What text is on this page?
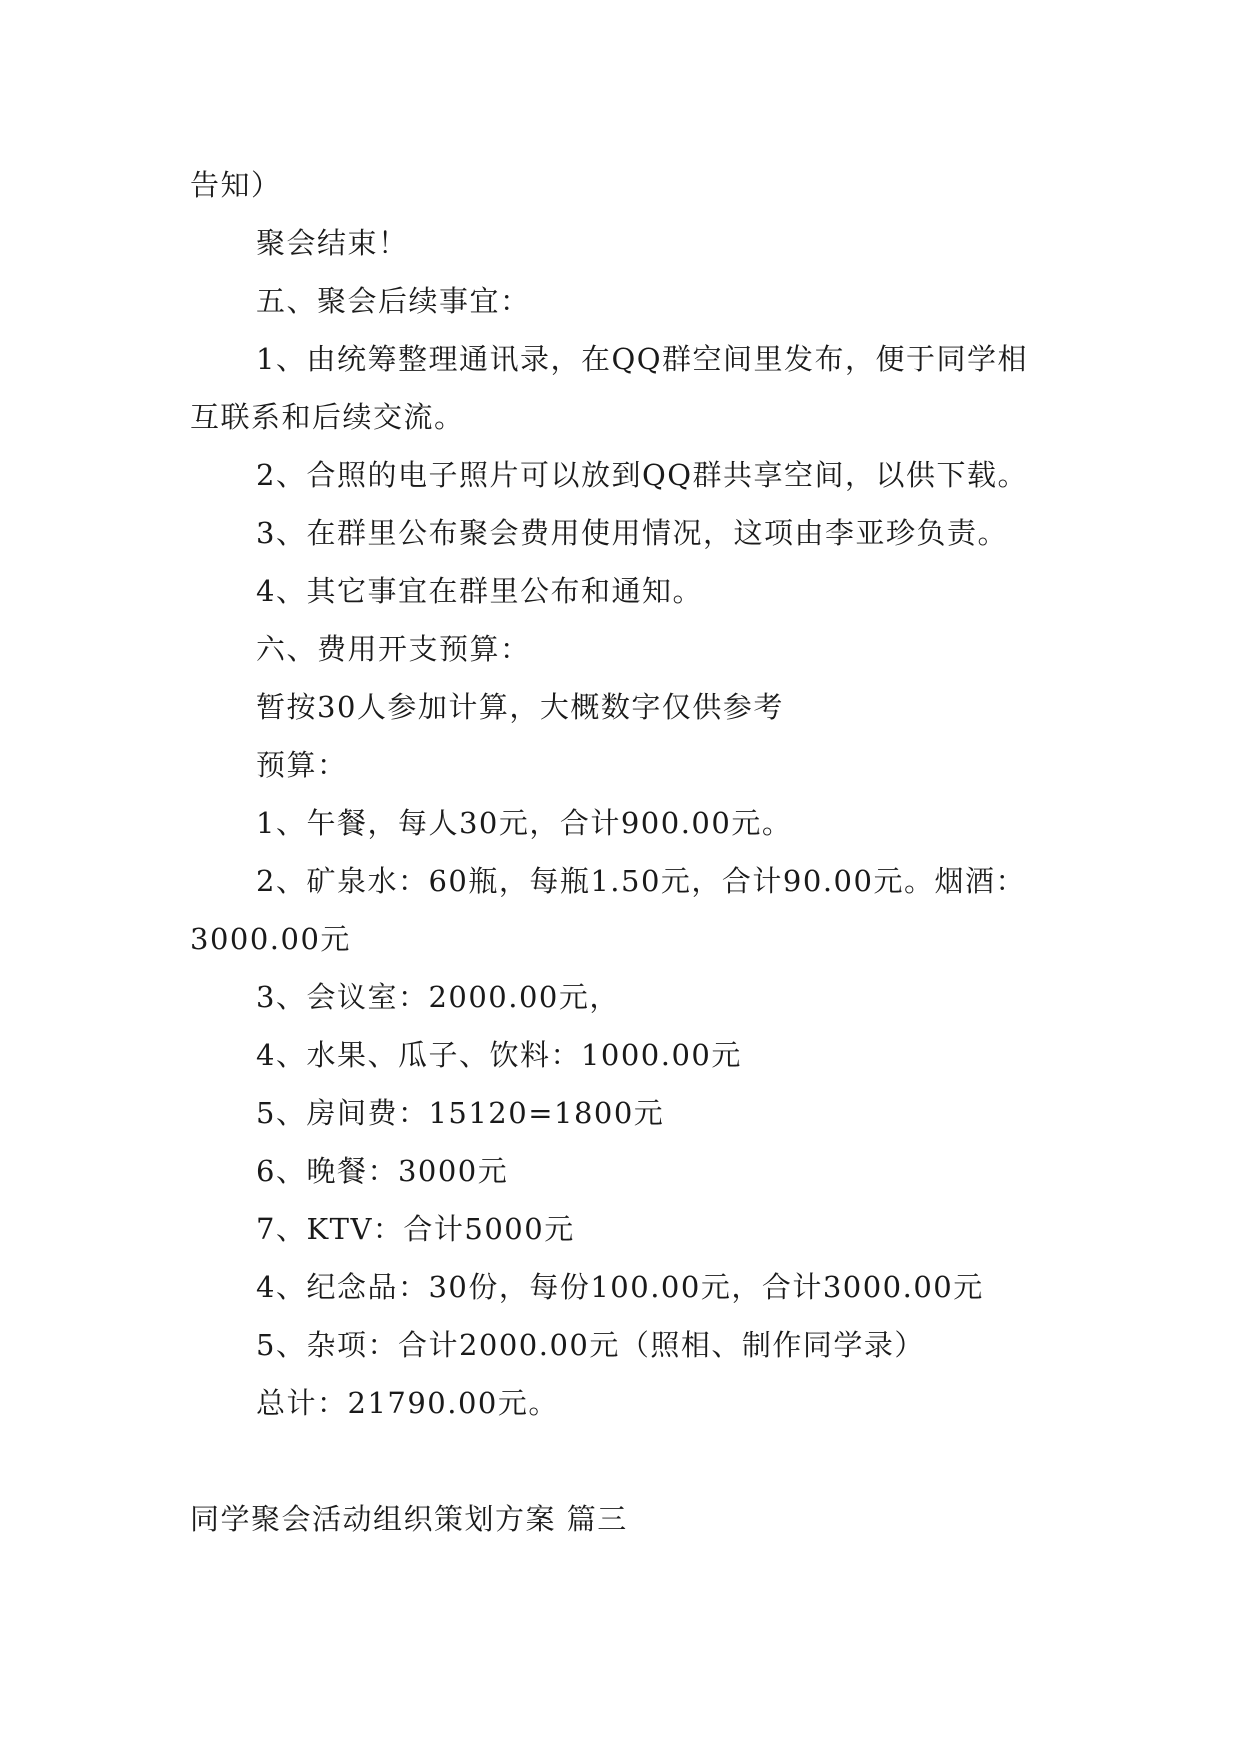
告知）

聚会结束！

五、聚会后续事宜：

1、由统筹整理通讯录，在QQ群空间里发布，便于同学相互联系和后续交流。

2、合照的电子照片可以放到QQ群共享空间，以供下载。

3、在群里公布聚会费用使用情况，这项由李亚珍负责。

4、其它事宜在群里公布和通知。

六、费用开支预算：

暂按30人参加计算，大概数字仅供参考

预算：

1、午餐，每人30元，合计900.00元。

2、矿泉水：60瓶，每瓶1.50元，合计90.00元。烟酒：3000.00元

3、会议室：2000.00元，

4、水果、瓜子、饮料：1000.00元

5、房间费：15120=1800元

6、晚餐：3000元

7、KTV：合计5000元

4、纪念品：30份，每份100.00元，合计3000.00元

5、杂项：合计2000.00元（照相、制作同学录）

总计：21790.00元。

同学聚会活动组织策划方案 篇三
